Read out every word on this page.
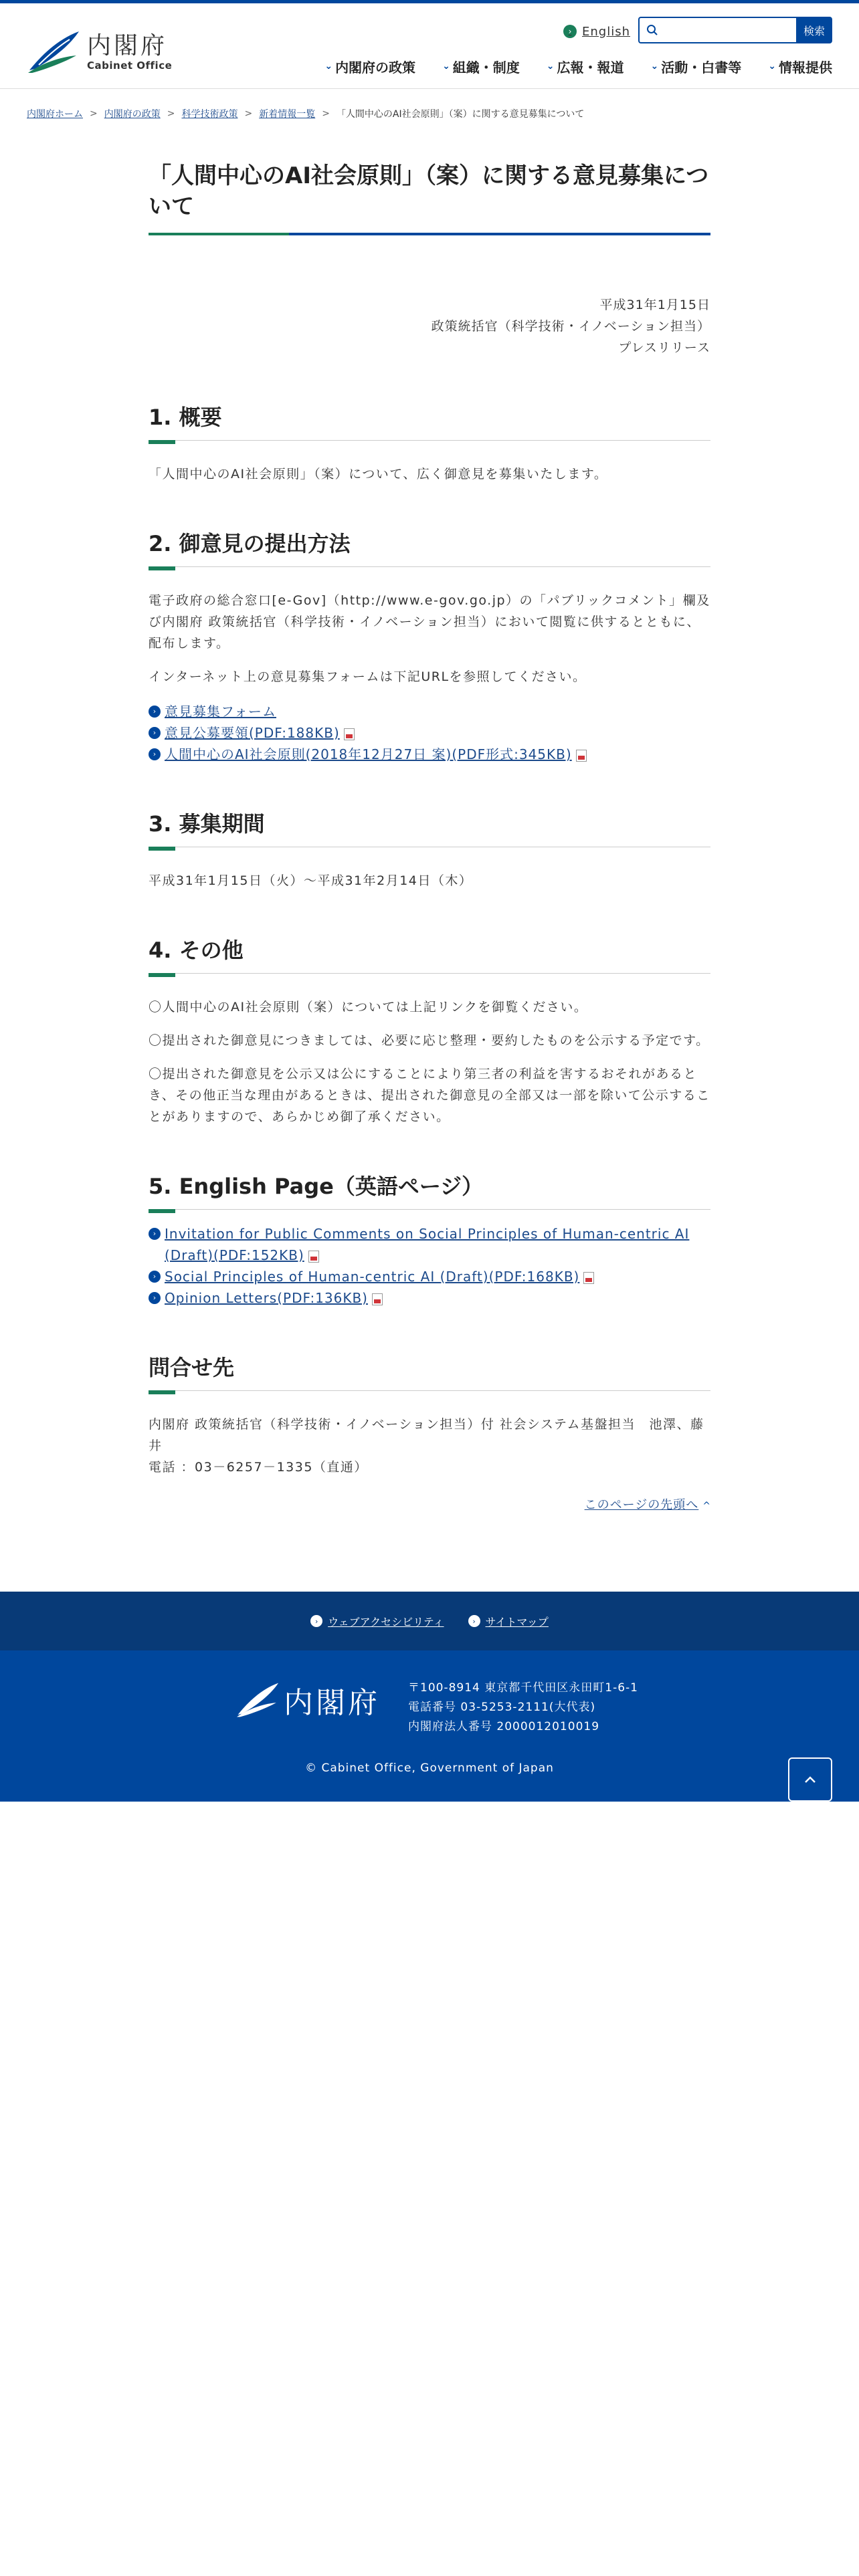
内閣府
Cabinet Office
› English	検索
⌄ 内閣府の政策	⌄ 組織・制度	⌄ 広報・報道	⌄ 活動・白書等	⌄ 情報提供
内閣府ホーム > 内閣府の政策 > 科学技術政策 > 新着情報一覧 > 「人間中心のAI社会原則」（案）に関する意見募集について
「人間中心のAI社会原則」（案）に関する意見募集について
平成31年1月15日
政策統括官（科学技術・イノベーション担当）
プレスリリース
1. 概要

「人間中心のAI社会原則」（案）について、広く御意見を募集いたします。

2. 御意見の提出方法

電子政府の総合窓口[e-Gov]（http://www.e-gov.go.jp）の「パブリックコメント」欄及び内閣府 政策統括官（科学技術・イノベーション担当）において閲覧に供するとともに、配布します。

インターネット上の意見募集フォームは下記URLを参照してください。

› 意見募集フォーム
› 意見公募要領(PDF:188KB)
› 人間中心のAI社会原則(2018年12月27日 案)(PDF形式:345KB)
3. 募集期間

平成31年1月15日（火）～平成31年2月14日（木）

4. その他

〇人間中心のAI社会原則（案）については上記リンクを御覧ください。

〇提出された御意見につきましては、必要に応じ整理・要約したものを公示する予定です。

〇提出された御意見を公示又は公にすることにより第三者の利益を害するおそれがあるとき、その他正当な理由があるときは、提出された御意見の全部又は一部を除いて公示することがありますので、あらかじめ御了承ください。

5. English Page（英語ページ）
› Invitation for Public Comments on Social Principles of Human-centric AI (Draft)(PDF:152KB)
› Social Principles of Human-centric AI (Draft)(PDF:168KB)
› Opinion Letters(PDF:136KB)
問合せ先

内閣府 政策統括官（科学技術・イノベーション担当）付 社会システム基盤担当　池澤、藤井
電話 ：03－6257－1335（直通）

このページの先頭へ ^
› ウェブアクセシビリティ	› サイトマップ
内閣府 〒100-8914 東京都千代田区永田町1-6-1
電話番号 03-5253-2111(大代表)
内閣府法人番号 2000012010019
© Cabinet Office, Government of Japan
